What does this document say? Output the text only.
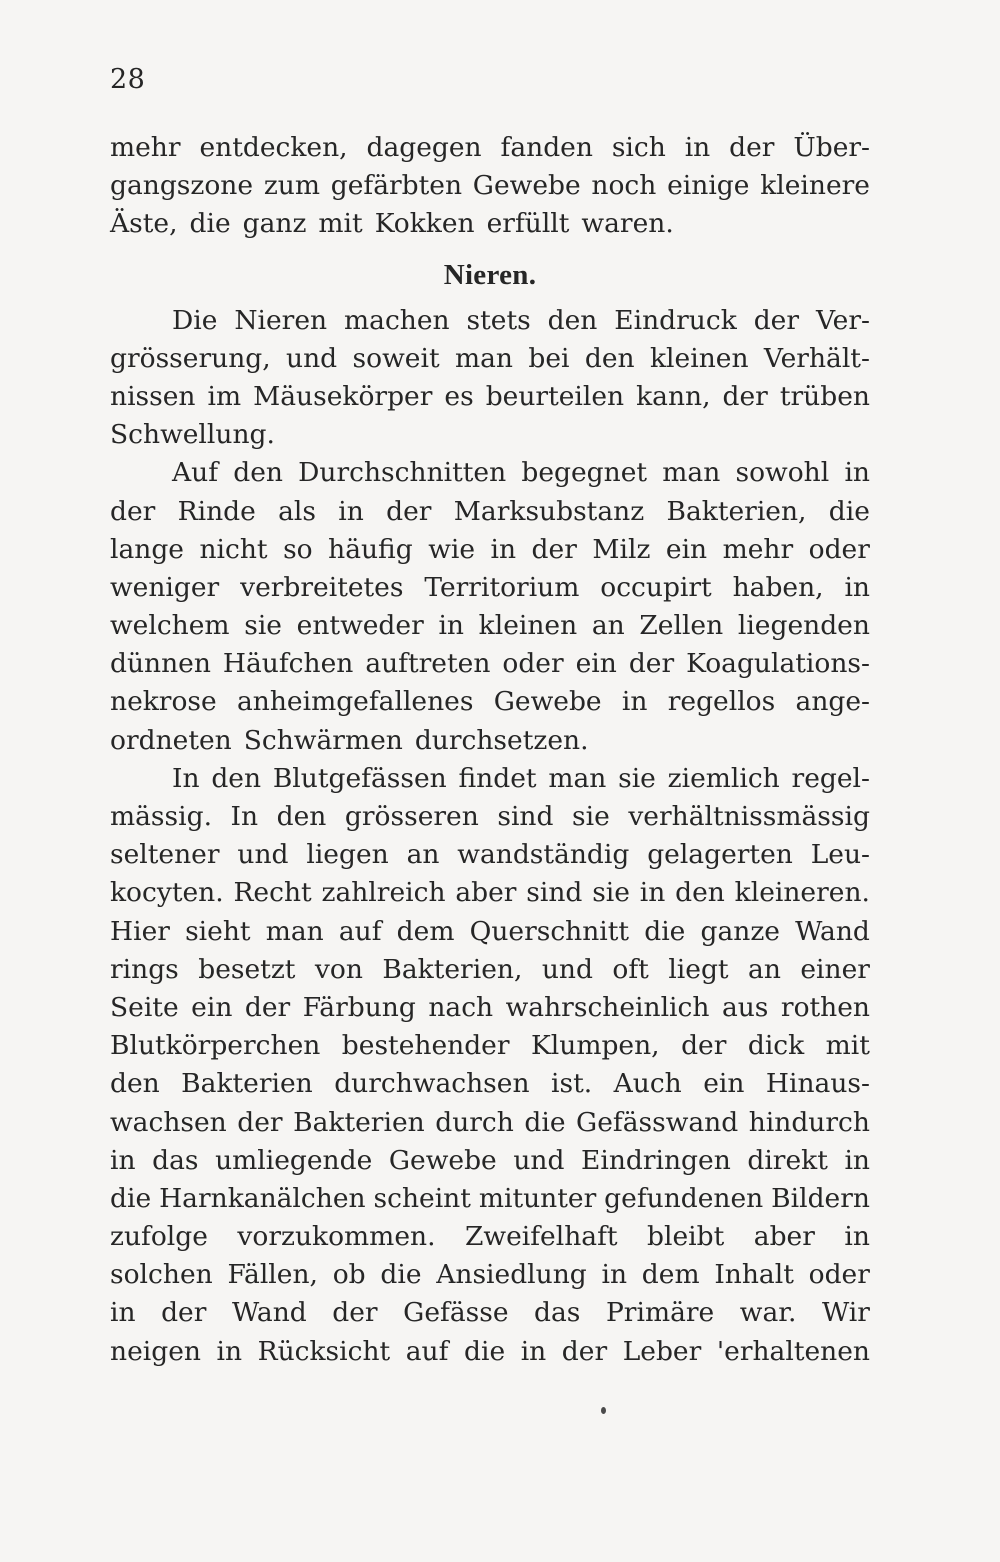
28
mehr entdecken, dagegen fanden sich in der Über-
gangszone zum gefärbten Gewebe noch einige kleinere
Äste, die ganz mit Kokken erfüllt waren.
Nieren.
Die Nieren machen stets den Eindruck der Ver-
grösserung, und soweit man bei den kleinen Verhält-
nissen im Mäusekörper es beurteilen kann, der trüben
Schwellung.
Auf den Durchschnitten begegnet man sowohl in
der Rinde als in der Marksubstanz Bakterien, die
lange nicht so häufig wie in der Milz ein mehr oder
weniger verbreitetes Territorium occupirt haben, in
welchem sie entweder in kleinen an Zellen liegenden
dünnen Häufchen auftreten oder ein der Koagulations-
nekrose anheimgefallenes Gewebe in regellos ange-
ordneten Schwärmen durchsetzen.
In den Blutgefässen findet man sie ziemlich regel-
mässig. In den grösseren sind sie verhältnissmässig
seltener und liegen an wandständig gelagerten Leu-
kocyten. Recht zahlreich aber sind sie in den kleineren.
Hier sieht man auf dem Querschnitt die ganze Wand
rings besetzt von Bakterien, und oft liegt an einer
Seite ein der Färbung nach wahrscheinlich aus rothen
Blutkörperchen bestehender Klumpen, der dick mit
den Bakterien durchwachsen ist. Auch ein Hinaus-
wachsen der Bakterien durch die Gefässwand hindurch
in das umliegende Gewebe und Eindringen direkt in
die Harnkanälchen scheint mitunter gefundenen Bildern
zufolge vorzukommen. Zweifelhaft bleibt aber in
solchen Fällen, ob die Ansiedlung in dem Inhalt oder
in der Wand der Gefässe das Primäre war. Wir
neigen in Rücksicht auf die in der Leber 'erhaltenen
